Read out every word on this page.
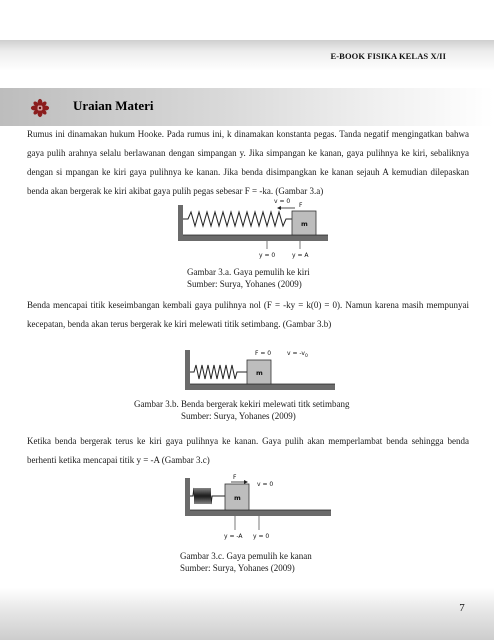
E-BOOK FISIKA KELAS X/II
Uraian Materi

Rumus ini dinamakan hukum Hooke. Pada rumus ini, k dinamakan konstanta pegas. Tanda negatif mengingatkan bahwa gaya pulih arahnya selalu berlawanan dengan simpangan y. Jika simpangan ke kanan, gaya pulihnya ke kiri, sebaliknya dengan si mpangan ke kiri gaya pulihnya ke kanan. Jika benda disimpangkan ke kanan sejauh A kemudian dilepaskan benda akan bergerak ke kiri akibat gaya pulih pegas sebesar F = -ka. (Gambar 3.a)

m
v = 0
F
y = 0	y = A
Gambar 3.a. Gaya pemulih ke kiri
Sumber: Surya, Yohanes (2009)

Benda mencapai titik keseimbangan kembali gaya pulihnya nol (F = -ky = k(0) = 0). Namun karena masih mempunyai kecepatan, benda akan terus bergerak ke kiri melewati titik setimbang. (Gambar 3.b)

m
F = 0	$v = -v_0$
Gambar 3.b. Benda bergerak kekiri melewati titk setimbang
Sumber: Surya, Yohanes (2009)

Ketika benda bergerak terus ke kiri gaya pulihnya ke kanan. Gaya pulih akan memperlambat benda sehingga benda berhenti ketika mencapai titik y = -A (Gambar 3.c)

m
F
v = 0
y = -A y = 0
Gambar 3.c. Gaya pemulih ke kanan
Sumber: Surya, Yohanes (2009)
7
